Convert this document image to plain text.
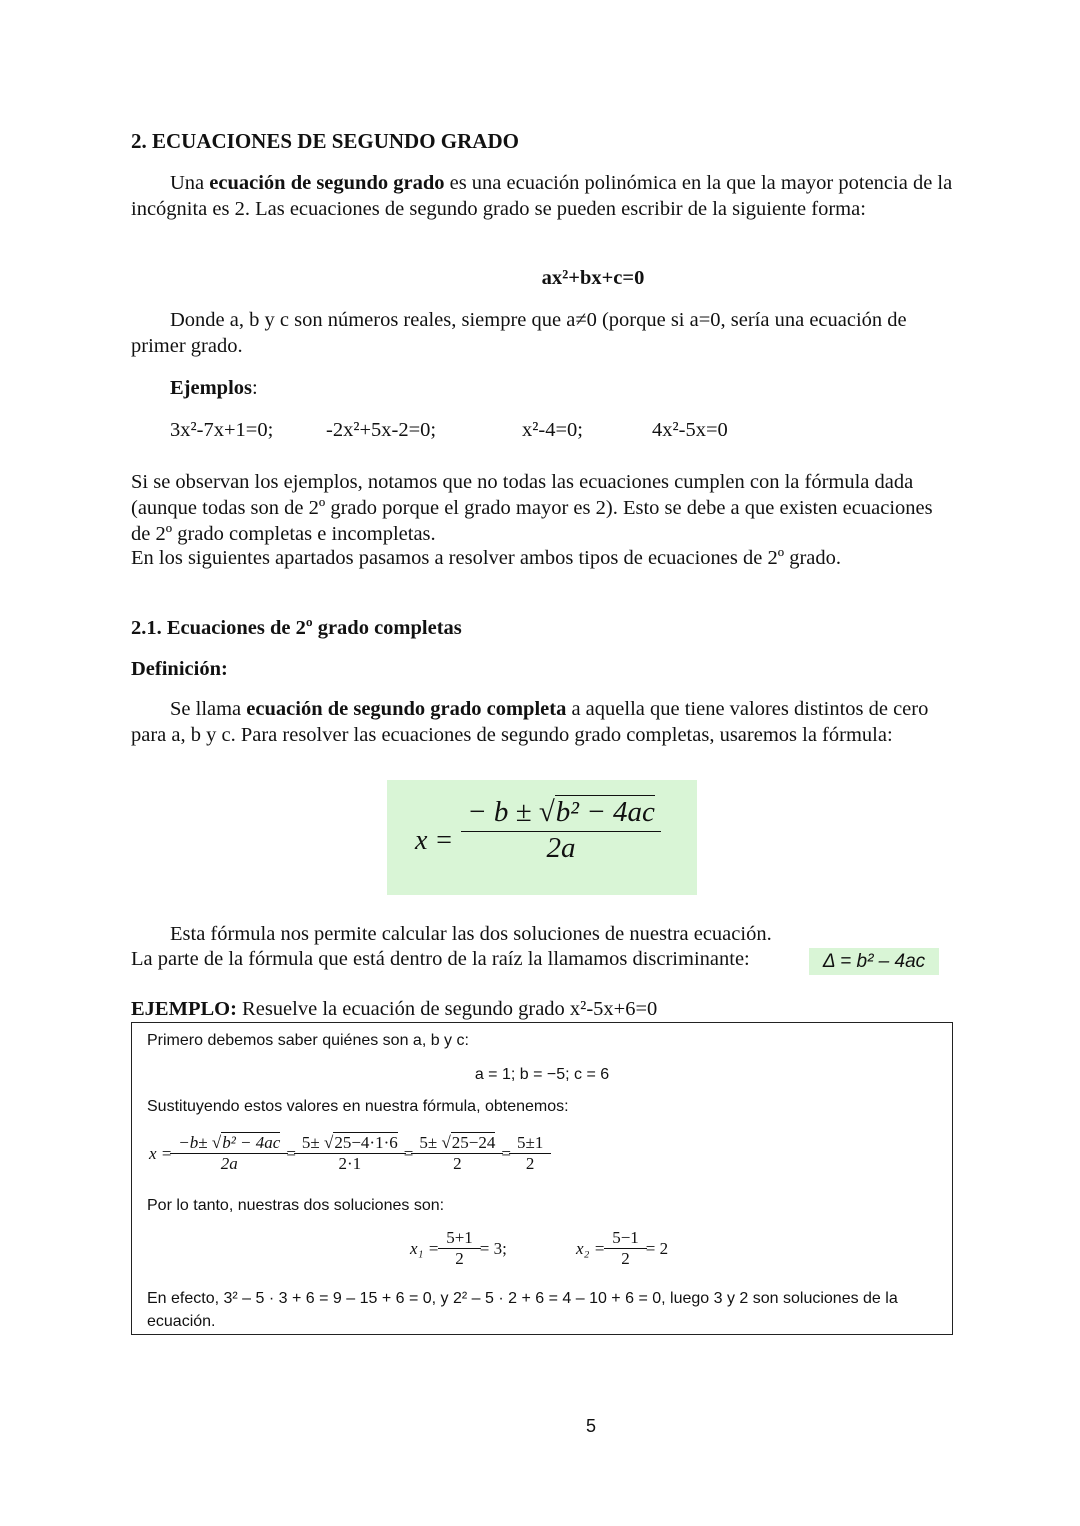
2. ECUACIONES DE SEGUNDO GRADO

Una ecuación de segundo grado es una ecuación polinómica en la que la mayor potencia de la incógnita es 2. Las ecuaciones de segundo grado se pueden escribir de la siguiente forma:

ax²+bx+c=0

Donde a, b y c son números reales, siempre que a≠0 (porque si a=0, sería una ecuación de primer grado.

Ejemplos:
3x²-7x+1=0;	-2x²+5x-2=0;	x²-4=0;	4x²-5x=0

Si se observan los ejemplos, notamos que no todas las ecuaciones cumplen con la fórmula dada (aunque todas son de 2º grado porque el grado mayor es 2). Esto se debe a que existen ecuaciones de 2º grado completas e incompletas.

En los siguientes apartados pasamos a resolver ambos tipos de ecuaciones de 2º grado.

2.1. Ecuaciones de 2º grado completas
Definición:

Se llama ecuación de segundo grado completa a aquella que tiene valores distintos de cero para a, b y c. Para resolver las ecuaciones de segundo grado completas, usaremos la fórmula:

$x = \frac{\text{− b ± √b² − 4ac}}{2a}$

Esta fórmula nos permite calcular las dos soluciones de nuestra ecuación.

La parte de la fórmula que está dentro de la raíz la llamamos discriminante:	Δ = b² – 4ac
EJEMPLO: Resuelve la ecuación de segundo grado x²-5x+6=0
Primero debemos saber quiénes son a, b y c:
a = 1; b = −5; c = 6
Sustituyendo estos valores en nuestra fórmula, obtenemos:
$x = \frac{\text{−b± √b² − 4ac}}{2a} = \frac{5\pm √25-4\cdot 1\cdot 6}{2\cdot 1} = \frac{5\pm √25-24}{2} = \frac{5\pm 1}{2}$
Por lo tanto, nuestras dos soluciones son:
$x_1 = \frac{5+1}{2} = 3$;	$x_2 = \frac{5-1}{2} = 2$
En efecto, 3² – 5 · 3 + 6 = 9 – 15 + 6 = 0, y 2² – 5 · 2 + 6 = 4 – 10 + 6 = 0, luego 3 y 2 son soluciones de la ecuación.
5
